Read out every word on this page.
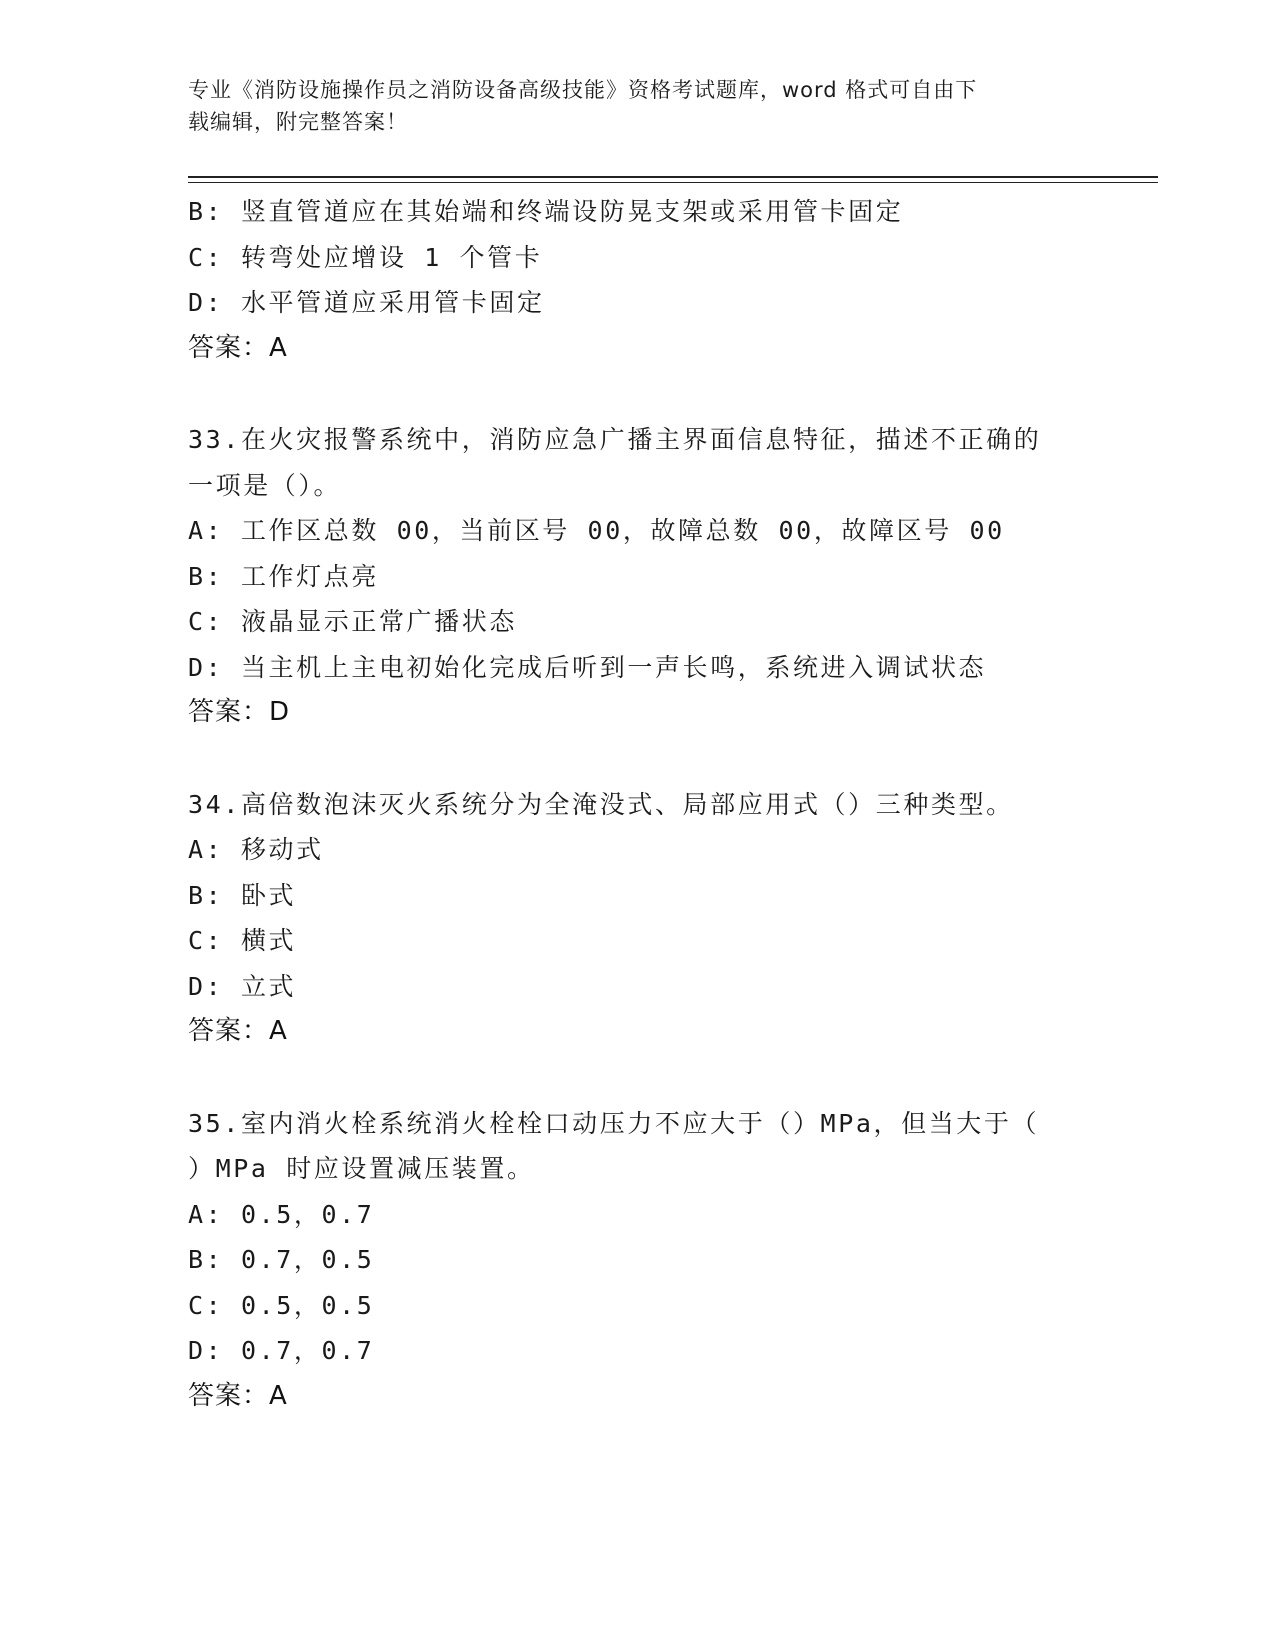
专业《消防设施操作员之消防设备高级技能》资格考试题库，word 格式可自由下
载编辑，附完整答案！
B: 竖直管道应在其始端和终端设防晃支架或采用管卡固定
C: 转弯处应增设 1 个管卡
D: 水平管道应采用管卡固定
答案：A
33.在火灾报警系统中，消防应急广播主界面信息特征，描述不正确的
一项是（）。
A: 工作区总数 00，当前区号 00，故障总数 00，故障区号 00
B: 工作灯点亮
C: 液晶显示正常广播状态
D: 当主机上主电初始化完成后听到一声长鸣，系统进入调试状态
答案：D
34.高倍数泡沫灭火系统分为全淹没式、局部应用式（）三种类型。
A: 移动式
B: 卧式
C: 横式
D: 立式
答案：A
35.室内消火栓系统消火栓栓口动压力不应大于（）MPa，但当大于（
）MPa 时应设置减压装置。
A: 0.5，0.7
B: 0.7，0.5
C: 0.5，0.5
D: 0.7，0.7
答案：A
